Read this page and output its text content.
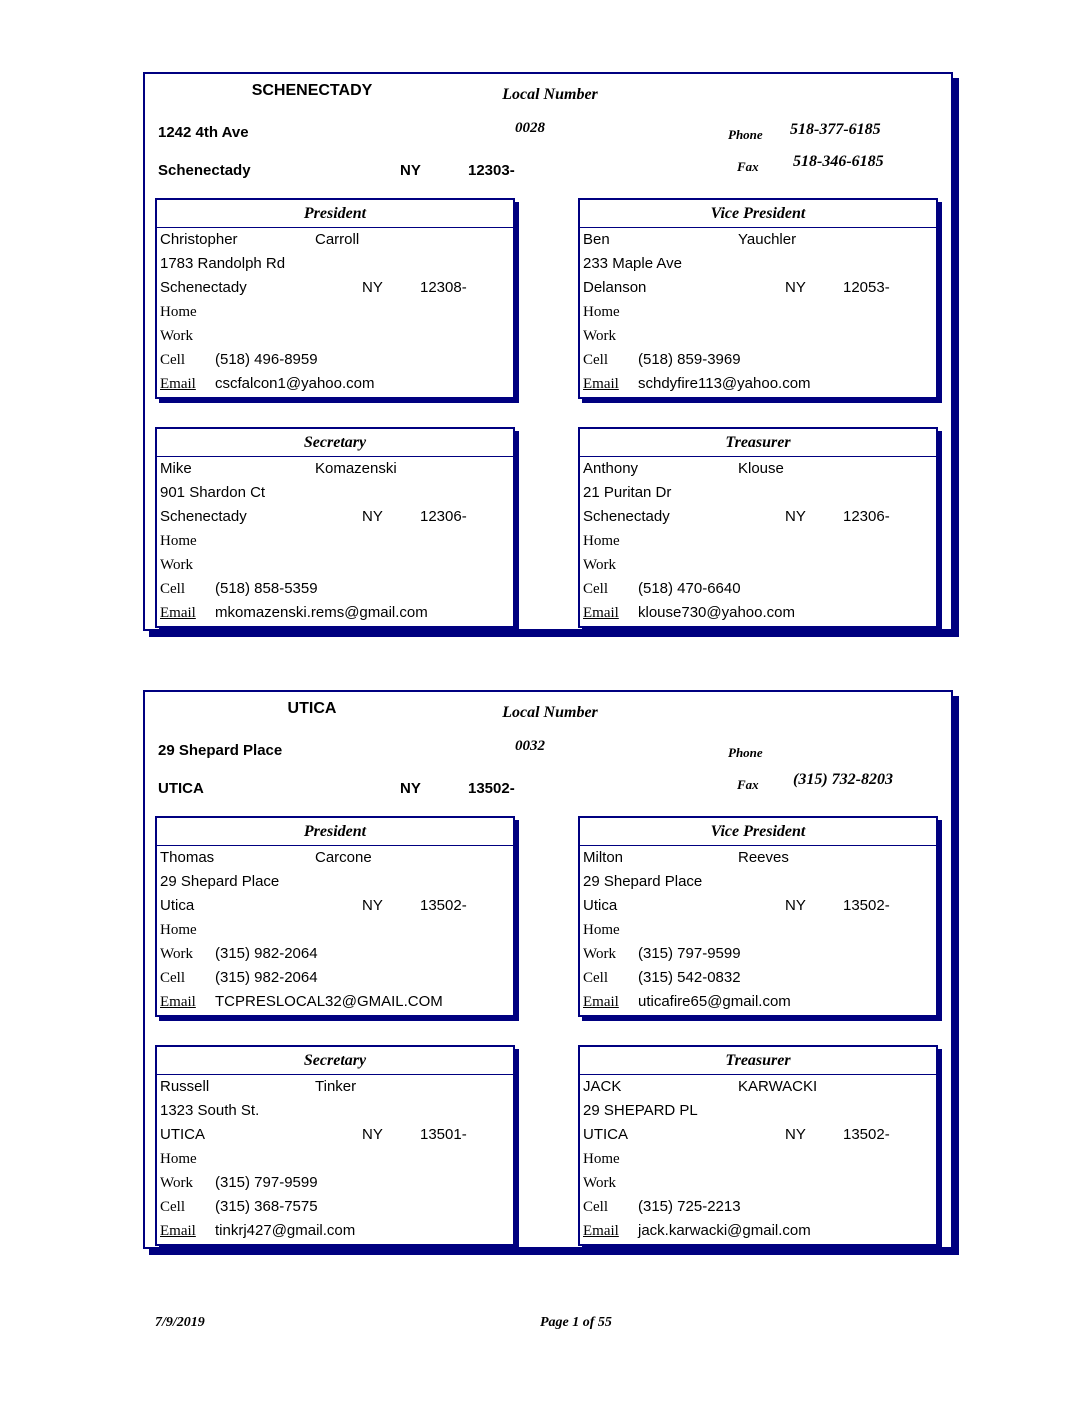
SCHENECTADY	Local Number
1242 4th Ave	0028	Phone 518-377-6185
Schenectady	NY	12303-	Fax 518-346-6185
President
Christopher	Carroll
1783 Randolph Rd
Schenectady	NY 12308-
Home
Work
Cell (518) 496-8959
Email cscfalcon1@yahoo.com
Vice President
Ben	Yauchler
233 Maple Ave
Delanson	NY 12053-
Home
Work
Cell (518) 859-3969
Email schdyfire113@yahoo.com
Secretary
Mike	Komazenski
901 Shardon Ct
Schenectady	NY 12306-
Home
Work
Cell (518) 858-5359
Email mkomazenski.rems@gmail.com
Treasurer
Anthony	Klouse
21 Puritan Dr
Schenectady	NY 12306-
Home
Work
Cell (518) 470-6640
Email klouse730@yahoo.com
UTICA	Local Number
29 Shepard Place	0032	Phone
UTICA	NY	13502-	Fax (315) 732-8203
President
Thomas	Carcone
29 Shepard Place
Utica	NY 13502-
Home
Work (315) 982-2064
Cell (315) 982-2064
Email TCPRESLOCAL32@GMAIL.COM
Vice President
Milton	Reeves
29 Shepard Place
Utica	NY 13502-
Home
Work (315) 797-9599
Cell (315) 542-0832
Email uticafire65@gmail.com
Secretary
Russell	Tinker
1323 South St.
UTICA	NY 13501-
Home
Work (315) 797-9599
Cell (315) 368-7575
Email tinkrj427@gmail.com
Treasurer
JACK	KARWACKI
29 SHEPARD PL
UTICA	NY 13502-
Home
Work
Cell (315) 725-2213
Email jack.karwacki@gmail.com
7/9/2019	Page 1 of 55
